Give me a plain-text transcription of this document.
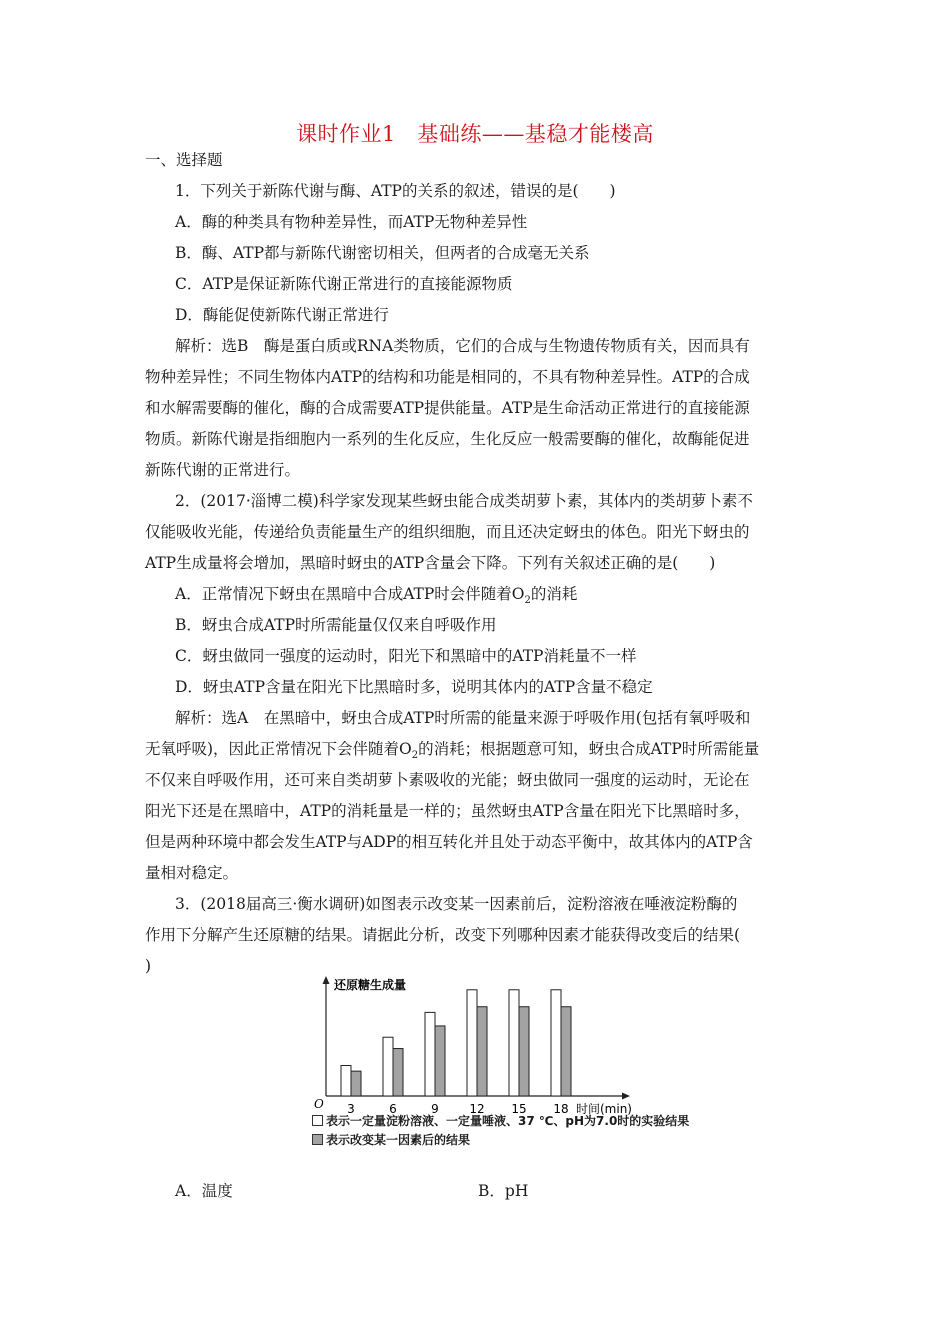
课时作业1　基础练——基稳才能楼高
一、选择题
1．下列关于新陈代谢与酶、ATP的关系的叙述，错误的是(　　)
A．酶的种类具有物种差异性，而ATP无物种差异性
B．酶、ATP都与新陈代谢密切相关，但两者的合成毫无关系
C．ATP是保证新陈代谢正常进行的直接能源物质
D．酶能促使新陈代谢正常进行
解析：选B　酶是蛋白质或RNA类物质，它们的合成与生物遗传物质有关，因而具有
物种差异性；不同生物体内ATP的结构和功能是相同的，不具有物种差异性。ATP的合成
和水解需要酶的催化，酶的合成需要ATP提供能量。ATP是生命活动正常进行的直接能源
物质。新陈代谢是指细胞内一系列的生化反应，生化反应一般需要酶的催化，故酶能促进
新陈代谢的正常进行。
2．(2017·淄博二模)科学家发现某些蚜虫能合成类胡萝卜素，其体内的类胡萝卜素不
仅能吸收光能，传递给负责能量生产的组织细胞，而且还决定蚜虫的体色。阳光下蚜虫的
ATP生成量将会增加，黑暗时蚜虫的ATP含量会下降。下列有关叙述正确的是(　　)
A．正常情况下蚜虫在黑暗中合成ATP时会伴随着$O_2$的消耗
B．蚜虫合成ATP时所需能量仅仅来自呼吸作用
C．蚜虫做同一强度的运动时，阳光下和黑暗中的ATP消耗量不一样
D．蚜虫ATP含量在阳光下比黑暗时多，说明其体内的ATP含量不稳定
解析：选A　在黑暗中，蚜虫合成ATP时所需的能量来源于呼吸作用(包括有氧呼吸和
无氧呼吸)，因此正常情况下会伴随着$O_2$的消耗；根据题意可知，蚜虫合成ATP时所需能量
不仅来自呼吸作用，还可来自类胡萝卜素吸收的光能；蚜虫做同一强度的运动时，无论在
阳光下还是在黑暗中，ATP的消耗量是一样的；虽然蚜虫ATP含量在阳光下比黑暗时多，
但是两种环境中都会发生ATP与ADP的相互转化并且处于动态平衡中，故其体内的ATP含
量相对稳定。
3．(2018届高三·衡水调研)如图表示改变某一因素前后，淀粉溶液在唾液淀粉酶的
作用下分解产生还原糖的结果。请据此分析，改变下列哪种因素才能获得改变后的结果(
)
还原糖生成量
时间(min)
O 3	6	9	12 15 18
表示一定量淀粉溶液、一定量唾液、37 ℃、pH为7.0时的实验结果
表示改变某一因素后的结果
A．温度	B．pH
